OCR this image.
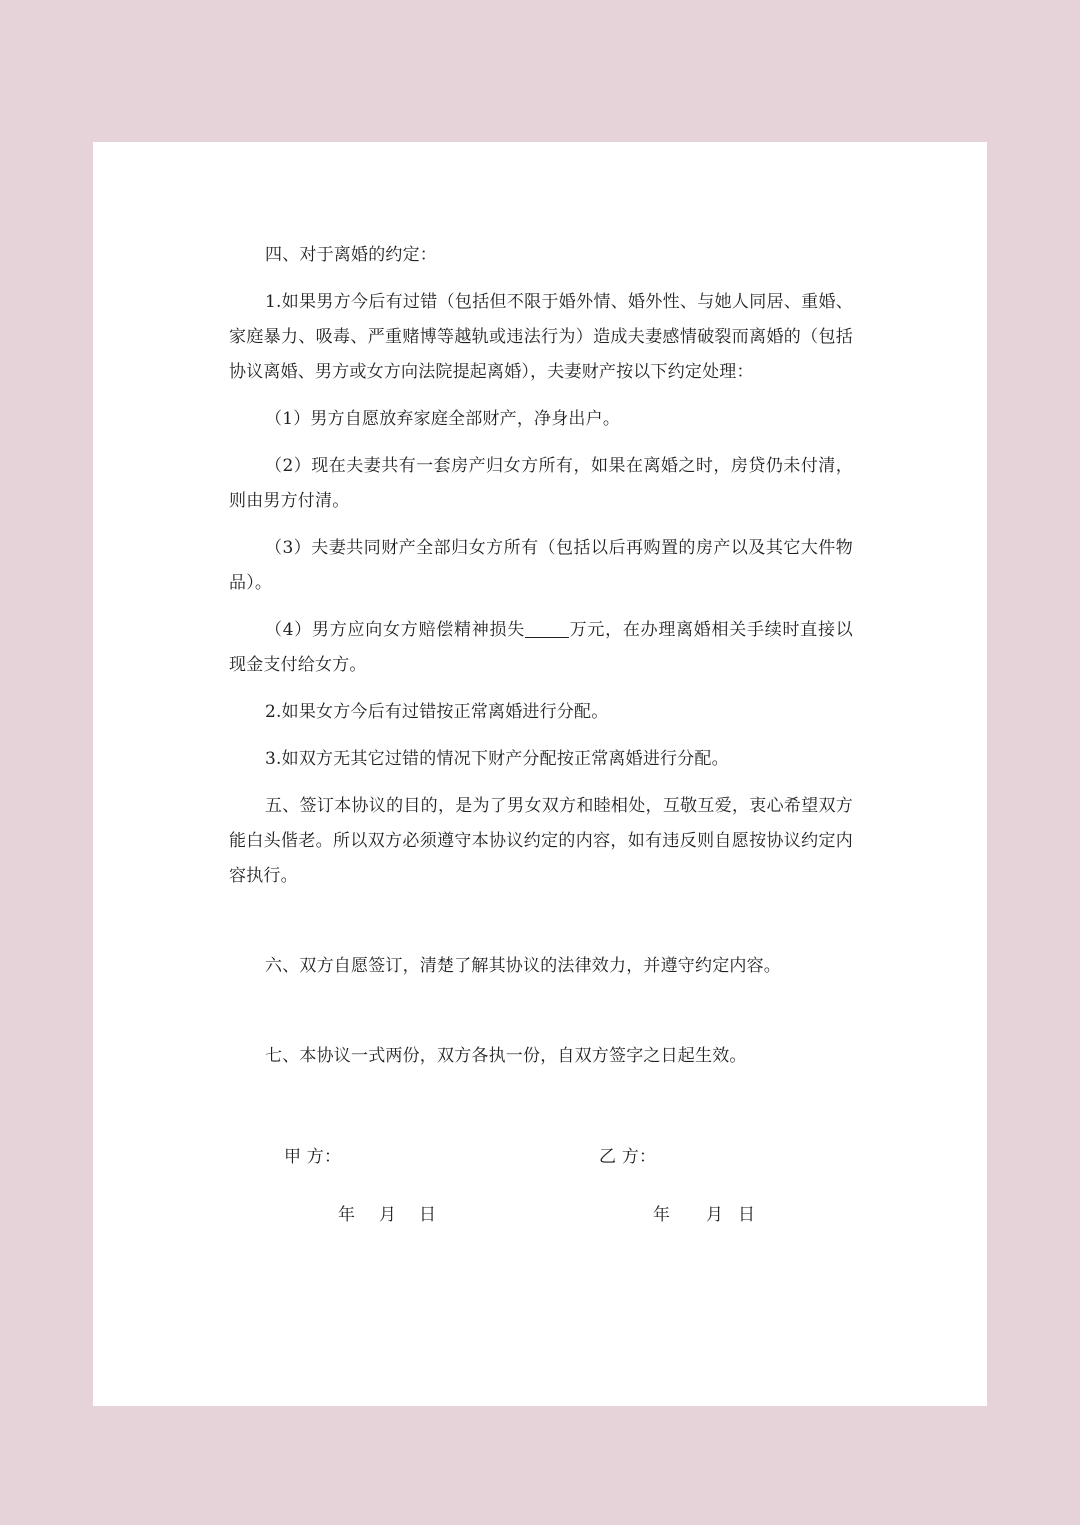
四、对于离婚的约定：

1.如果男方今后有过错（包括但不限于婚外情、婚外性、与她人同居、重婚、家庭暴力、吸毒、严重赌博等越轨或违法行为）造成夫妻感情破裂而离婚的（包括协议离婚、男方或女方向法院提起离婚），夫妻财产按以下约定处理：

（1）男方自愿放弃家庭全部财产，净身出户。

（2）现在夫妻共有一套房产归女方所有，如果在离婚之时，房贷仍未付清，则由男方付清。

（3）夫妻共同财产全部归女方所有（包括以后再购置的房产以及其它大件物品）。

（4）男方应向女方赔偿精神损失	万元，在办理离婚相关手续时直接以现金支付给女方。

2.如果女方今后有过错按正常离婚进行分配。

3.如双方无其它过错的情况下财产分配按正常离婚进行分配。

五、签订本协议的目的，是为了男女双方和睦相处，互敬互爱，衷心希望双方能白头偕老。所以双方必须遵守本协议约定的内容，如有违反则自愿按协议约定内容执行。

六、双方自愿签订，清楚了解其协议的法律效力，并遵守约定内容。

七、本协议一式两份，双方各执一份，自双方签字之日起生效。

甲 方：	乙 方：
年 月 日	年 月 日
